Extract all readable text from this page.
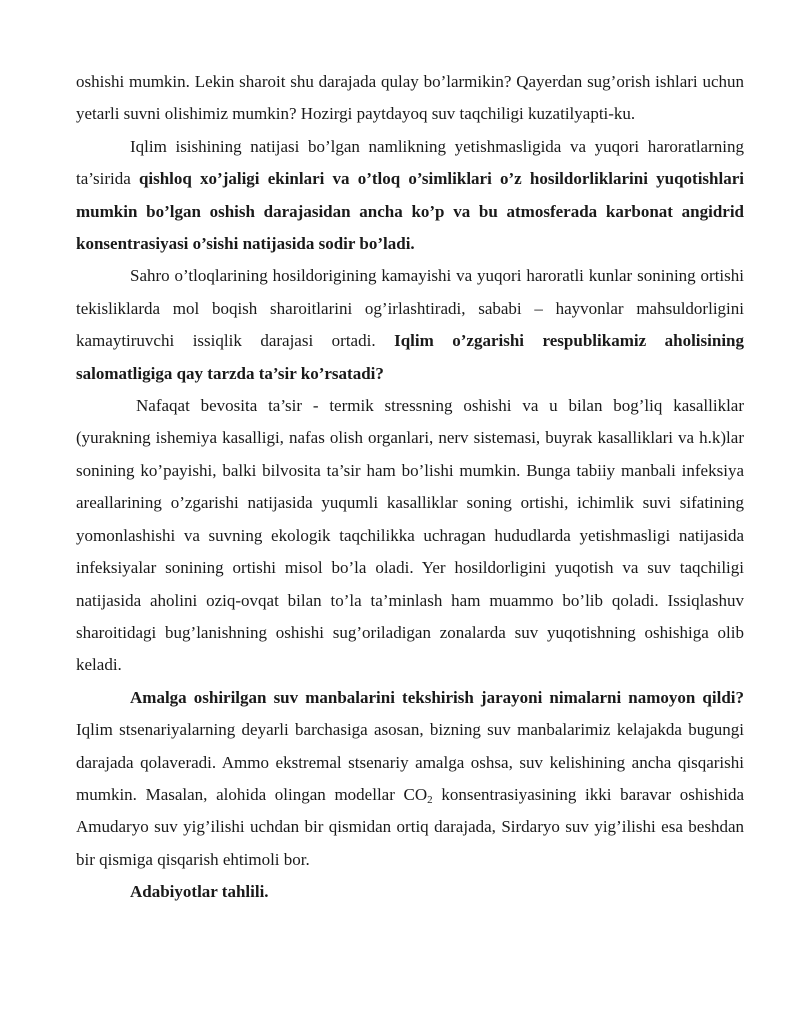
oshishi mumkin. Lekin sharoit shu darajada qulay bo’larmikin? Qayerdan sug’orish ishlari uchun yetarli suvni olishimiz mumkin? Hozirgi paytdayoq suv taqchiligi kuzatilyapti-ku.

Iqlim isishining natijasi bo’lgan namlikning yetishmasligida va yuqori haroratlarning ta’sirida qishloq xo’jaligi ekinlari va o’tloq o’simliklari o’z hosildorliklarini yuqotishlari mumkin bo’lgan oshish darajasidan ancha ko’p va bu atmosferada karbonat angidrid konsentrasiyasi o’sishi natijasida sodir bo’ladi.

Sahro o’tloqlarining hosildorigining kamayishi va yuqori haroratli kunlar sonining ortishi tekisliklarda mol boqish sharoitlarini og’irlashtiradi, sababi – hayvonlar mahsuldorligini kamaytiruvchi issiqlik darajasi ortadi. Iqlim o’zgarishi respublikamiz aholisining salomatligiga qay tarzda ta’sir ko’rsatadi?

Nafaqat bevosita ta’sir - termik stressning oshishi va u bilan bog’liq kasalliklar (yurakning ishemiya kasalligi, nafas olish organlari, nerv sistemasi, buyrak kasalliklari va h.k)lar sonining ko’payishi, balki bilvosita ta’sir ham bo’lishi mumkin. Bunga tabiiy manbali infeksiya areallarining o’zgarishi natijasida yuqumli kasalliklar soning ortishi, ichimlik suvi sifatining yomonlashishi va suvning ekologik taqchilikka uchragan hududlarda yetishmasligi natijasida infeksiyalar sonining ortishi misol bo’la oladi. Yer hosildorligini yuqotish va suv taqchiligi natijasida aholini oziq-ovqat bilan to’la ta’minlash ham muammo bo’lib qoladi. Issiqlashuv sharoitidagi bug’lanishning oshishi sug’oriladigan zonalarda suv yuqotishning oshishiga olib keladi.

Amalga oshirilgan suv manbalarini tekshirish jarayoni nimalarni namoyon qildi? Iqlim stsenariyalarning deyarli barchasiga asosan, bizning suv manbalarimiz kelajakda bugungi darajada qolaveradi. Ammo ekstremal stsenariy amalga oshsa, suv kelishining ancha qisqarishi mumkin. Masalan, alohida olingan modellar $CO_2$ konsentrasiyasining ikki baravar oshishida Amudaryo suv yig’ilishi uchdan bir qismidan ortiq darajada, Sirdaryo suv yig’ilishi esa beshdan bir qismiga qisqarish ehtimoli bor.

Adabiyotlar tahlili.
